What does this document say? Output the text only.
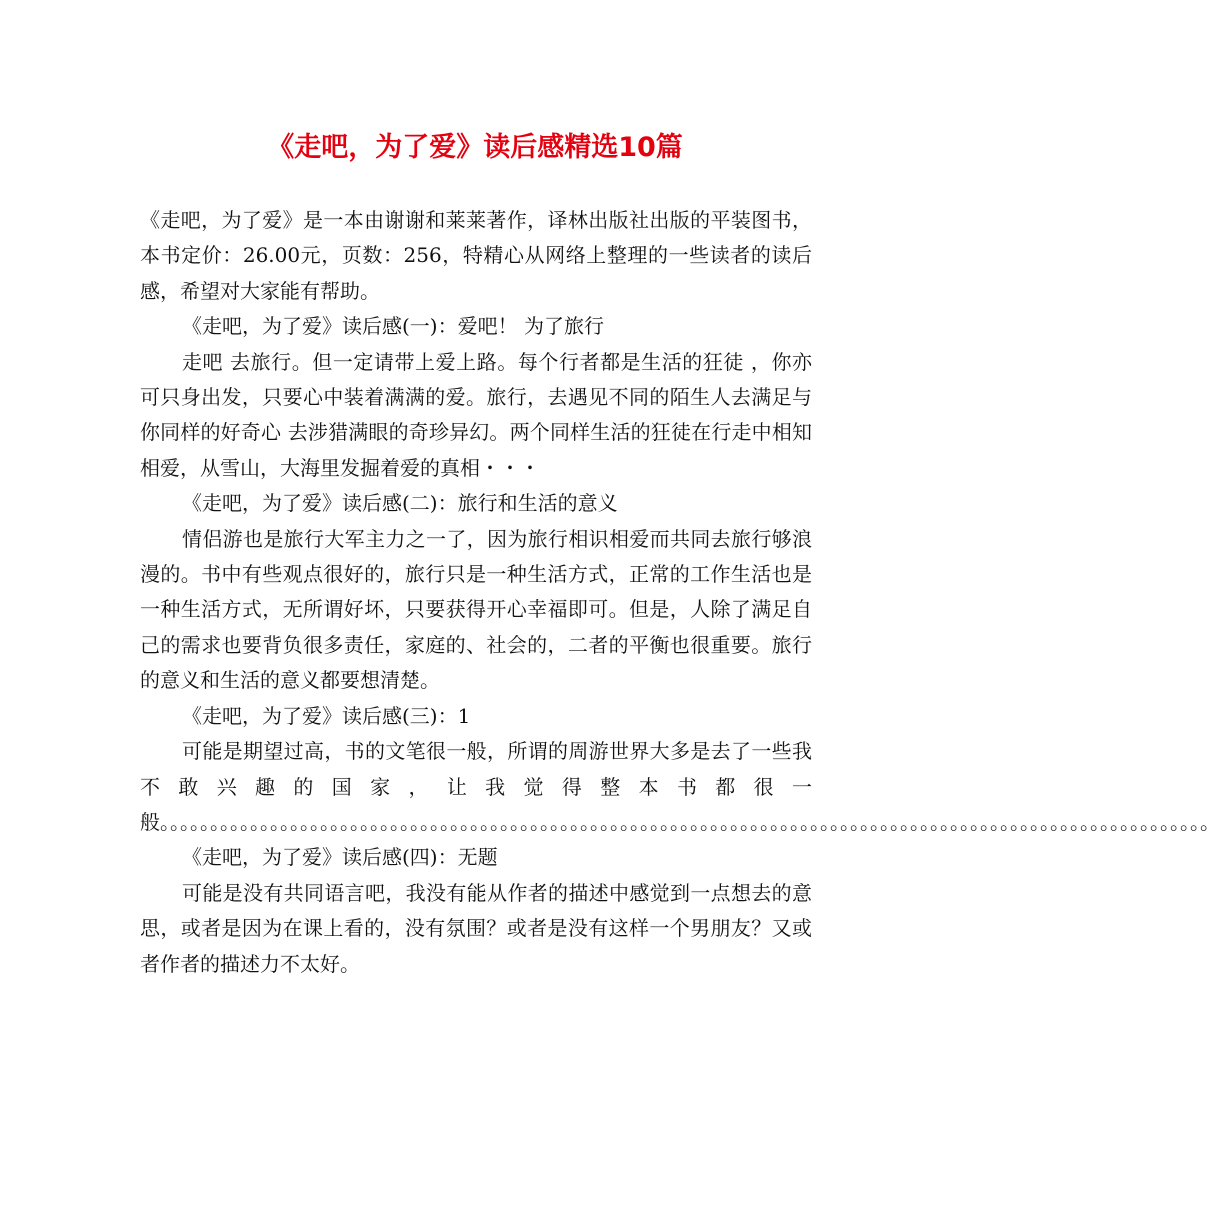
《走吧，为了爱》读后感精选10篇

《走吧，为了爱》是一本由谢谢和莱莱著作，译林出版社出版的平装图书，本书定价：26.00元，页数：256，特精心从网络上整理的一些读者的读后感，希望对大家能有帮助。

《走吧，为了爱》读后感(一)：爱吧！ 为了旅行

走吧 去旅行。但一定请带上爱上路。每个行者都是生活的狂徒 ，你亦可只身出发，只要心中装着满满的爱。旅行，去遇见不同的陌生人去满足与你同样的好奇心 去涉猎满眼的奇珍异幻。两个同样生活的狂徒在行走中相知相爱，从雪山，大海里发掘着爱的真相・・・

《走吧，为了爱》读后感(二)：旅行和生活的意义

情侣游也是旅行大军主力之一了，因为旅行相识相爱而共同去旅行够浪漫的。书中有些观点很好的，旅行只是一种生活方式，正常的工作生活也是一种生活方式，无所谓好坏，只要获得开心幸福即可。但是，人除了满足自己的需求也要背负很多责任，家庭的、社会的，二者的平衡也很重要。旅行的意义和生活的意义都要想清楚。

《走吧，为了爱》读后感(三)：1

可能是期望过高，书的文笔很一般，所谓的周游世界大多是去了一些我不敢兴趣的国家，让我觉得整本书都很一般。。。。。。。。。。。。。。。。。。。。。。。。。。。。。。。。。。。。。。。。。。。。。。。。。。。。。。。。。。。。。。。。。。。。。。。。。。。。。。。。。。。。。。。。。。。。。。。。。。。。。。。。。

《走吧，为了爱》读后感(四)：无题

可能是没有共同语言吧，我没有能从作者的描述中感觉到一点想去的意思，或者是因为在课上看的，没有氛围？或者是没有这样一个男朋友？又或者作者的描述力不太好。
